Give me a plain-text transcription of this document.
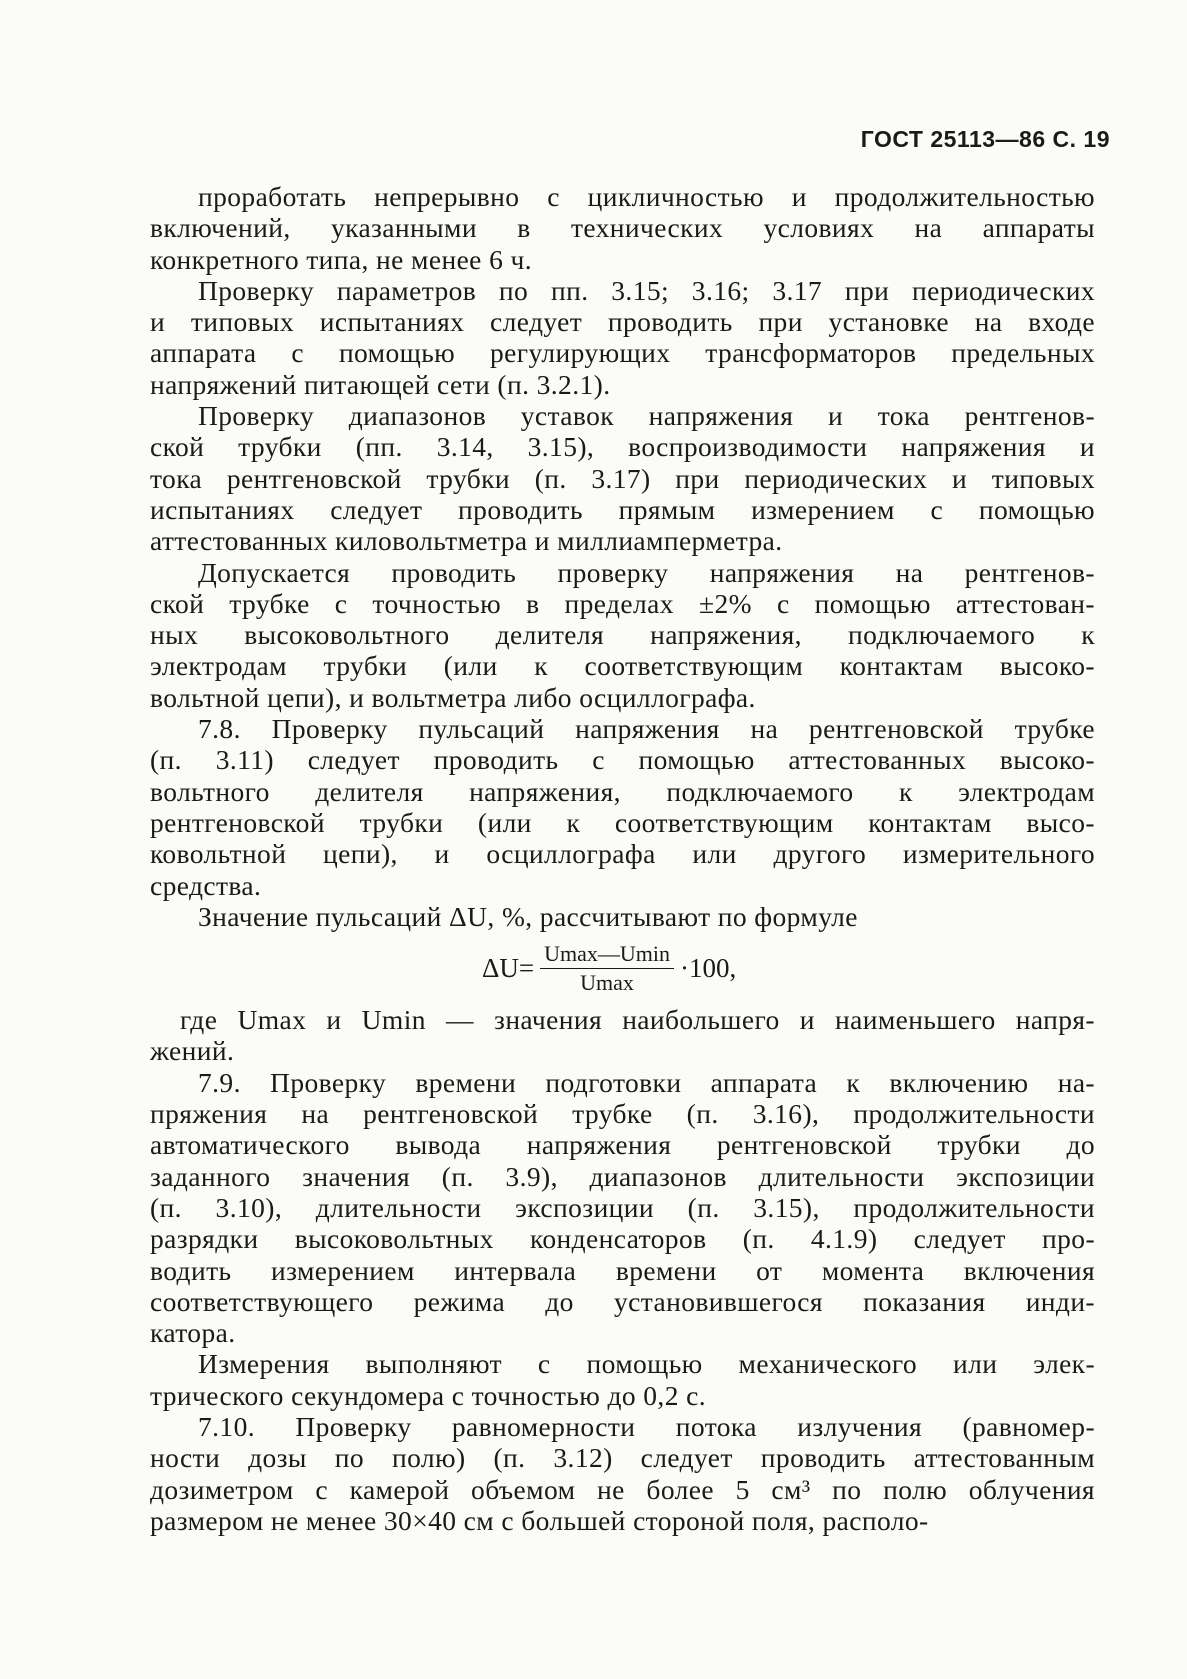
ГОСТ 25113—86 С. 19
проработать непрерывно с цикличностью и продолжительностью
включений, указанными в технических условиях на аппараты
конкретного типа, не менее 6 ч.
Проверку параметров по пп. 3.15; 3.16; 3.17 при периодических
и типовых испытаниях следует проводить при установке на входе
аппарата с помощью регулирующих трансформаторов предельных
напряжений питающей сети (п. 3.2.1).
Проверку диапазонов уставок напряжения и тока рентгенов-
ской трубки (пп. 3.14, 3.15), воспроизводимости напряжения и
тока рентгеновской трубки (п. 3.17) при периодических и типовых
испытаниях следует проводить прямым измерением с помощью
аттестованных киловольтметра и миллиамперметра.
Допускается проводить проверку напряжения на рентгенов-
ской трубке с точностью в пределах ±2% с помощью аттестован-
ных высоковольтного делителя напряжения, подключаемого к
электродам трубки (или к соответствующим контактам высоко-
вольтной цепи), и вольтметра либо осциллографа.
7.8. Проверку пульсаций напряжения на рентгеновской трубке
(п. 3.11) следует проводить с помощью аттестованных высоко-
вольтного делителя напряжения, подключаемого к электродам
рентгеновской трубки (или к соответствующим контактам высо-
ковольтной цепи), и осциллографа или другого измерительного
средства.
Значение пульсаций ΔU, %, рассчитывают по формуле
$\Delta U= \frac{Umax—Umin}{Umax} \cdot 100$,
где Umax и Umin — значения наибольшего и наименьшего напря-
жений.
7.9. Проверку времени подготовки аппарата к включению на-
пряжения на рентгеновской трубке (п. 3.16), продолжительности
автоматического вывода напряжения рентгеновской трубки до
заданного значения (п. 3.9), диапазонов длительности экспозиции
(п. 3.10), длительности экспозиции (п. 3.15), продолжительности
разрядки высоковольтных конденсаторов (п. 4.1.9) следует про-
водить измерением интервала времени от момента включения
соответствующего режима до установившегося показания инди-
катора.
Измерения выполняют с помощью механического или элек-
трического секундомера с точностью до 0,2 с.
7.10. Проверку равномерности потока излучения (равномер-
ности дозы по полю) (п. 3.12) следует проводить аттестованным
дозиметром с камерой объемом не более 5 см³ по полю облучения
размером не менее 30×40 см с большей стороной поля, располо-
